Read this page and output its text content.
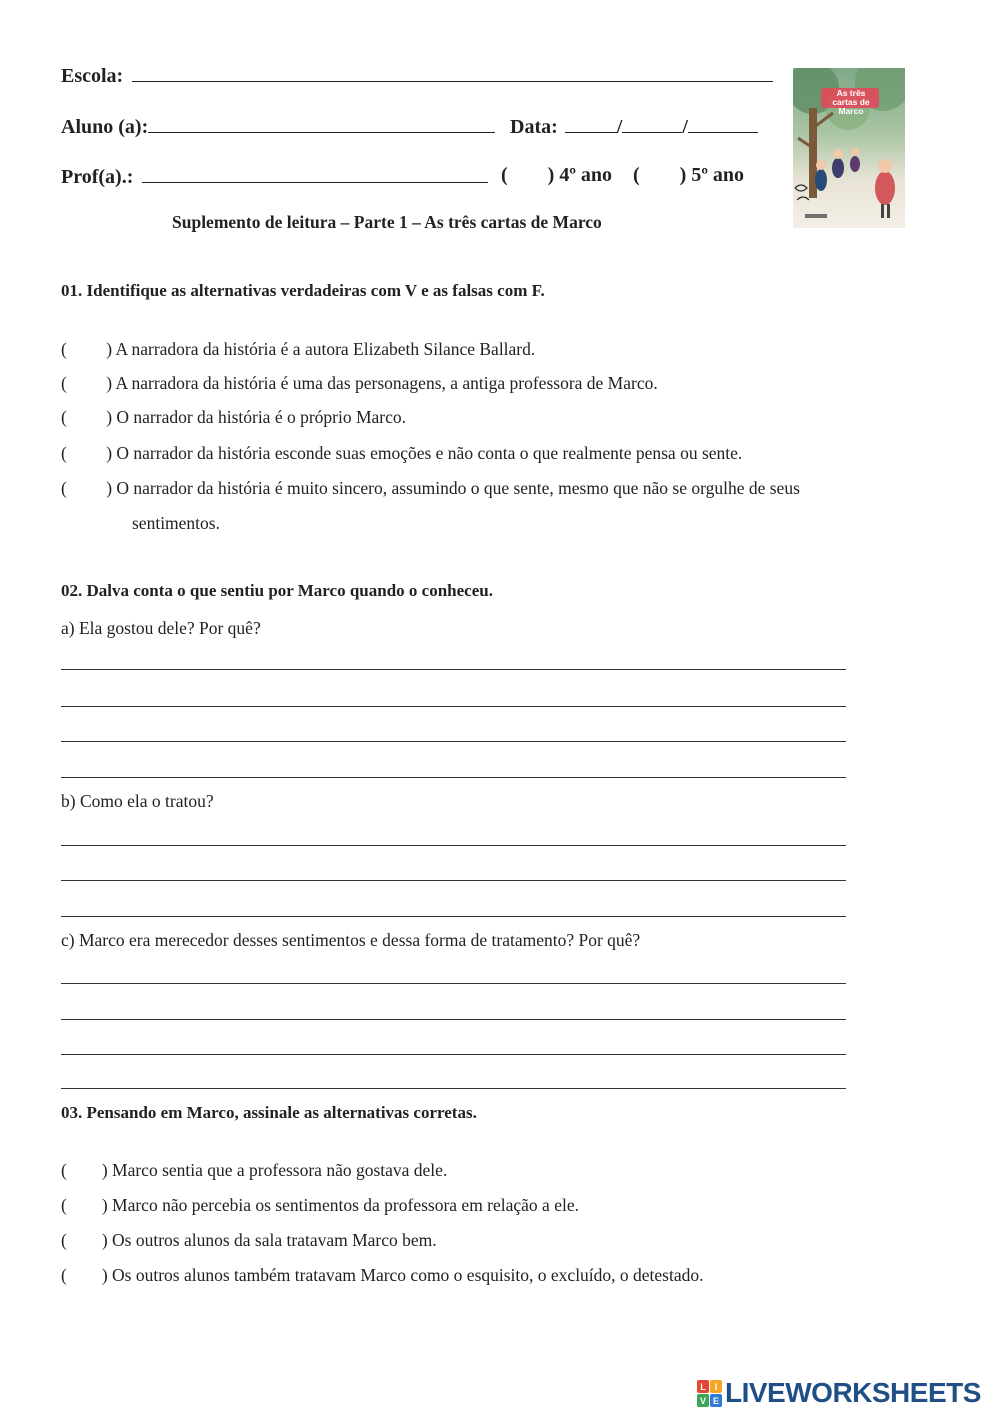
Escola:
Aluno (a):	Data:	/	/
Prof(a).:	(        ) 4º ano (        ) 5º ano
Suplemento de leitura – Parte 1 – As três cartas de Marco
As três cartas de Marco
01. Identifique as alternativas verdadeiras com V e as falsas com F.
(         ) A narradora da história é a autora Elizabeth Silance Ballard.
(         ) A narradora da história é uma das personagens, a antiga professora de Marco.
(         ) O narrador da história é o próprio Marco.
(         ) O narrador da história esconde suas emoções e não conta o que realmente pensa ou sente.
(         ) O narrador da história é muito sincero, assumindo o que sente, mesmo que não se orgulhe de seus
sentimentos.
02. Dalva conta o que sentiu por Marco quando o conheceu.
a) Ela gostou dele? Por quê?
b) Como ela o tratou?
c) Marco era merecedor desses sentimentos e dessa forma de tratamento? Por quê?
03. Pensando em Marco, assinale as alternativas corretas.
(        ) Marco sentia que a professora não gostava dele.
(        ) Marco não percebia os sentimentos da professora em relação a ele.
(        ) Os outros alunos da sala tratavam Marco bem.
(        ) Os outros alunos também tratavam Marco como o esquisito, o excluído, o detestado.
L I
V E LIVEWORKSHEETS
